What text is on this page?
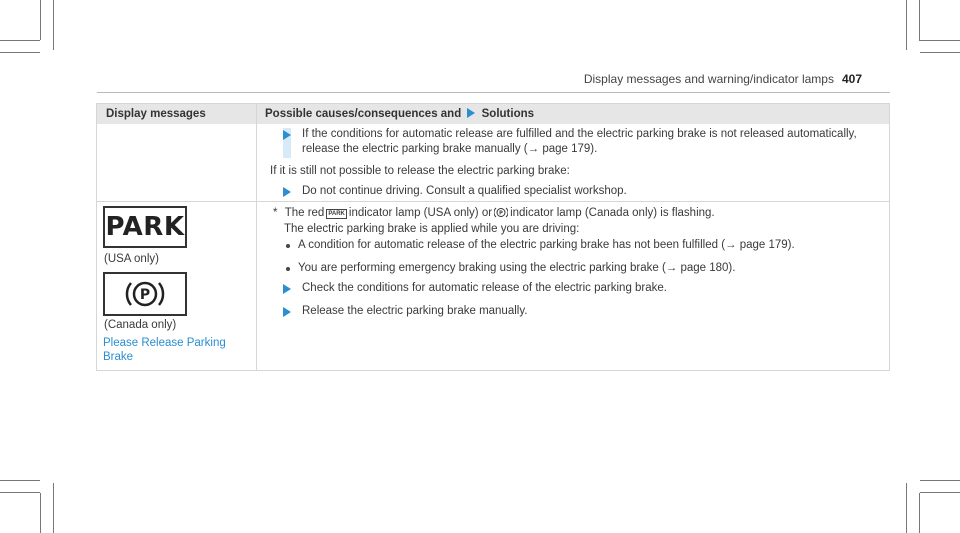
Display messages and warning/indicator lamps 407
Display messages	Possible causes/consequences and Solutions
If the conditions for automatic release are fulfilled and the electric parking brake is not released automatically,
release the electric parking brake manually (→ page 179).
If it is still not possible to release the electric parking brake:
Do not continue driving. Consult a qualified specialist workshop.
PARK
(USA only)
P
(Canada only)
Please Release Parking
Brake
* The red PARK indicator lamp (USA only) or P indicator lamp (Canada only) is flashing.
The electric parking brake is applied while you are driving:
A condition for automatic release of the electric parking brake has not been fulfilled (→ page 179).
You are performing emergency braking using the electric parking brake (→ page 180).
Check the conditions for automatic release of the electric parking brake.
Release the electric parking brake manually.
